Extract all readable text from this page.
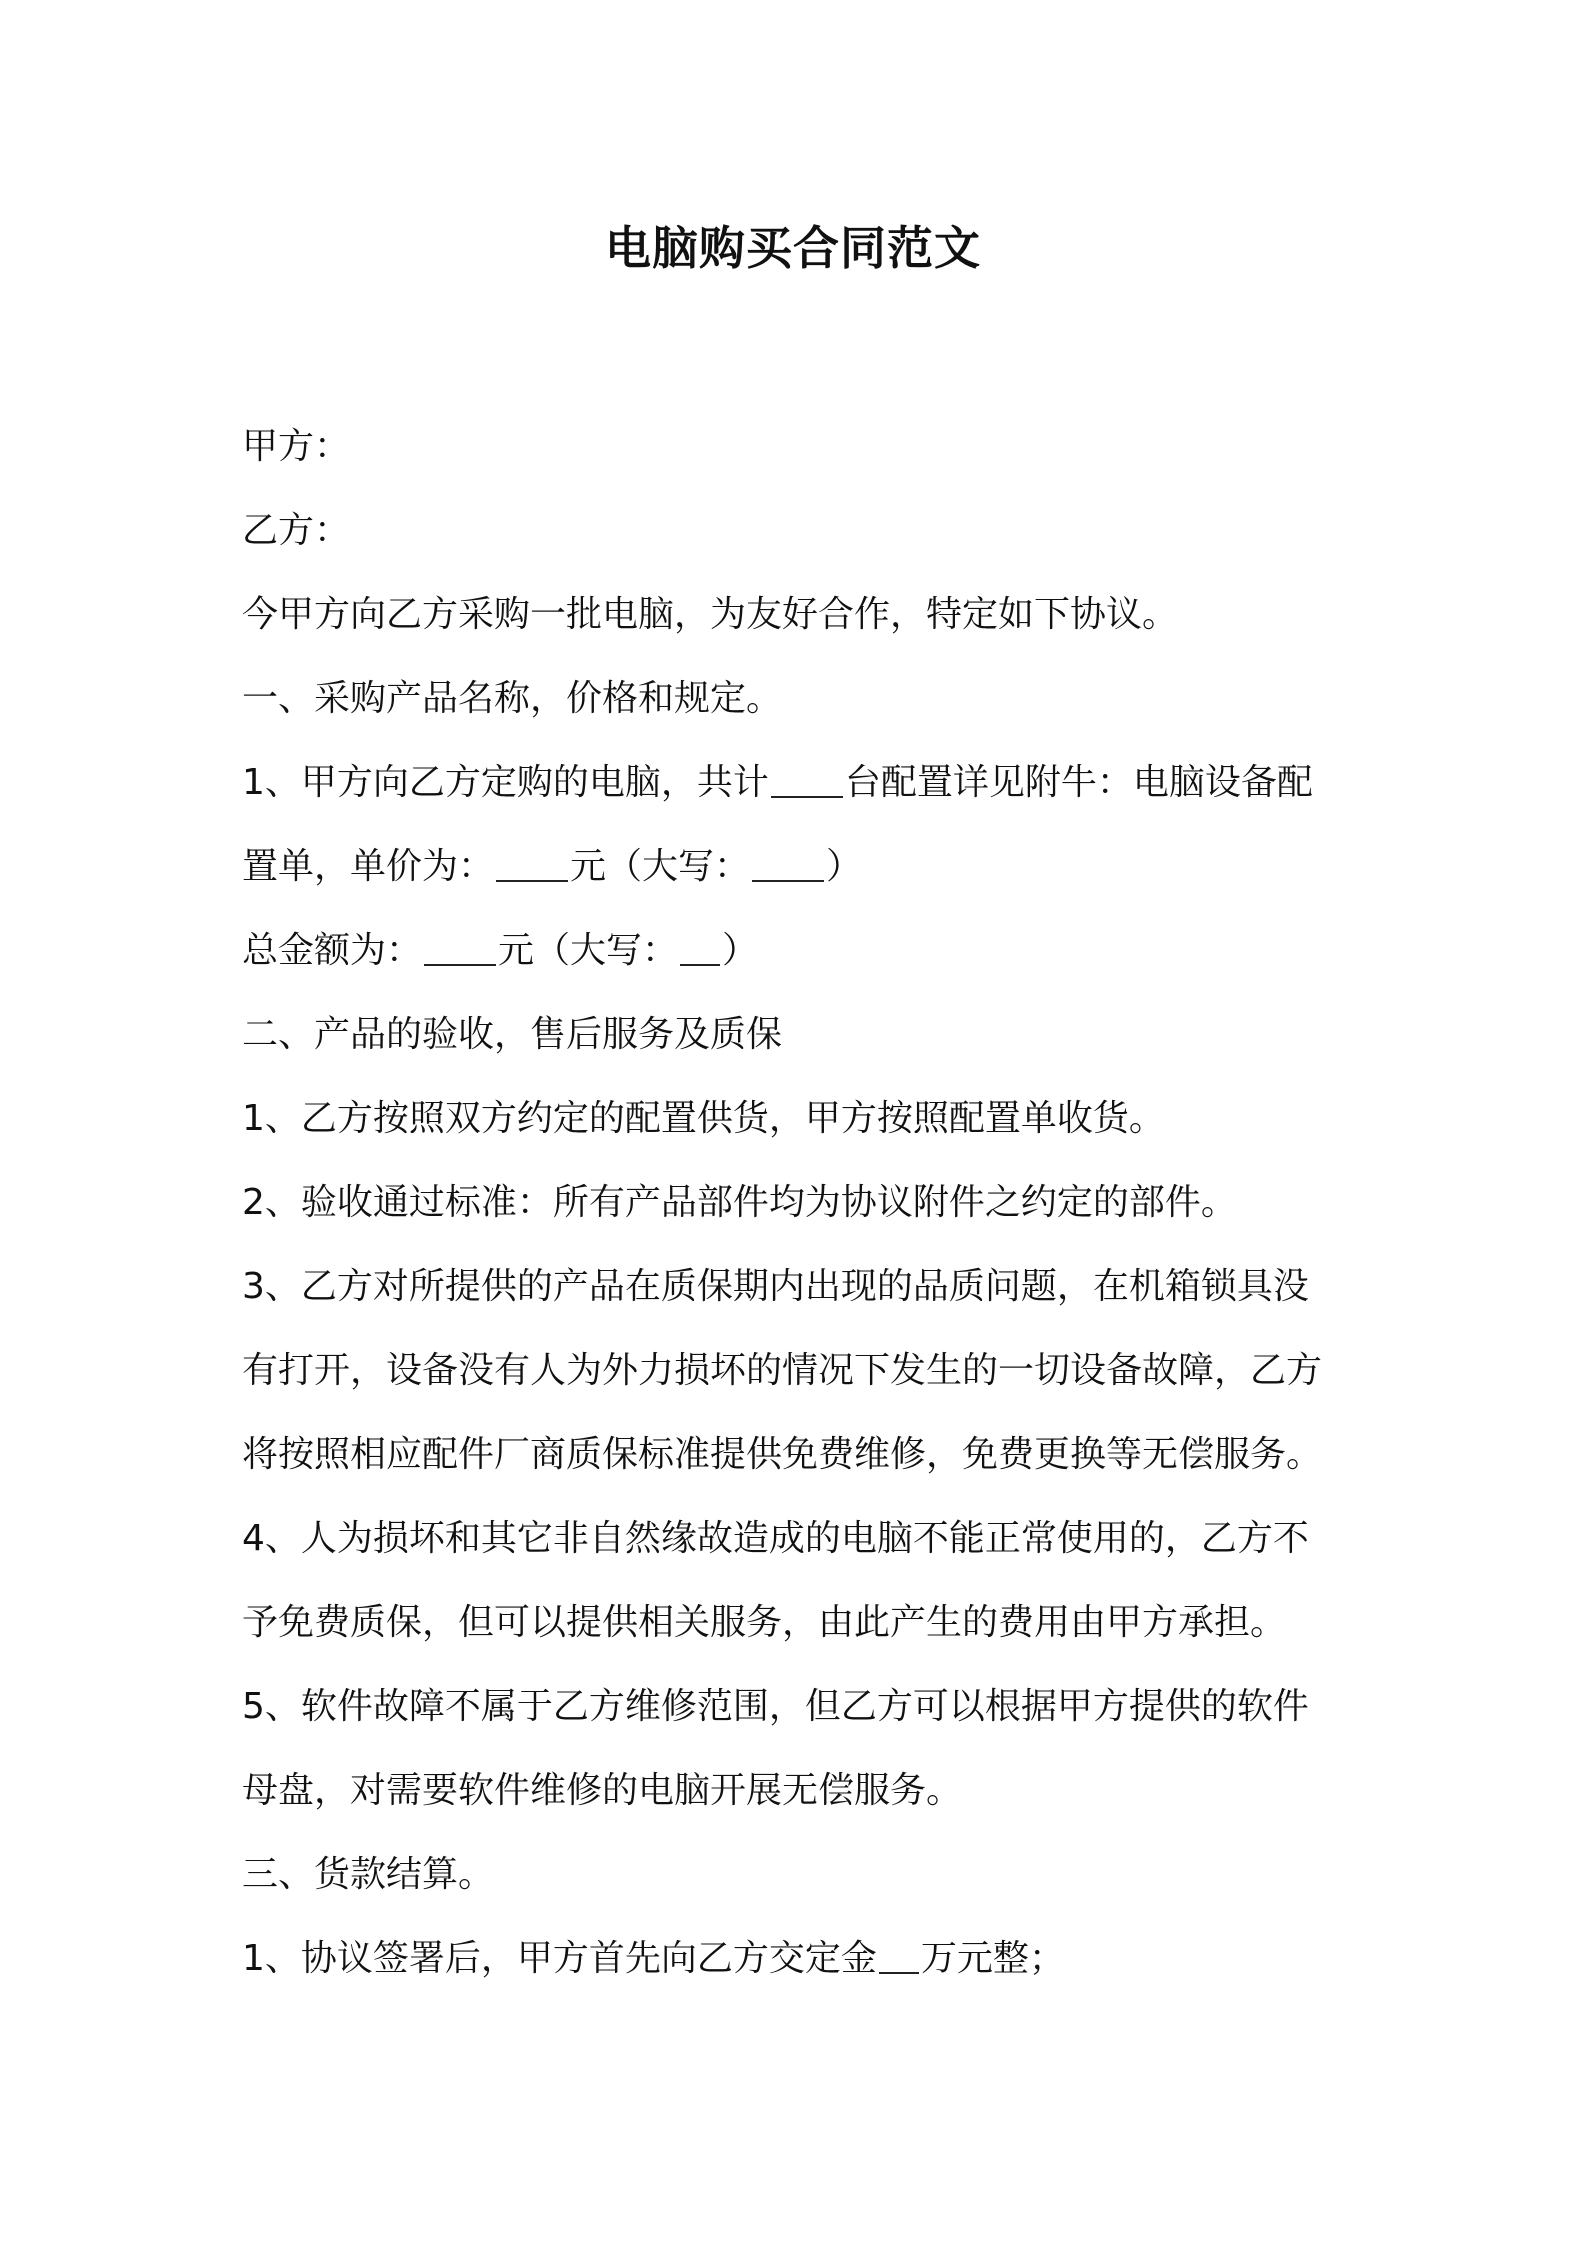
电脑购买合同范文
甲方：
乙方：
今甲方向乙方采购一批电脑，为友好合作，特定如下协议。
一、采购产品名称，价格和规定。
1、甲方向乙方定购的电脑，共计 台配置详见附牛：电脑设备配
置单，单价为： 元（大写： ）
总金额为： 元（大写： ）
二、产品的验收，售后服务及质保
1、乙方按照双方约定的配置供货，甲方按照配置单收货。
2、验收通过标准：所有产品部件均为协议附件之约定的部件。
3、乙方对所提供的产品在质保期内出现的品质问题，在机箱锁具没
有打开，设备没有人为外力损坏的情况下发生的一切设备故障，乙方
将按照相应配件厂商质保标准提供免费维修，免费更换等无偿服务。
4、人为损坏和其它非自然缘故造成的电脑不能正常使用的，乙方不
予免费质保，但可以提供相关服务，由此产生的费用由甲方承担。
5、软件故障不属于乙方维修范围，但乙方可以根据甲方提供的软件
母盘，对需要软件维修的电脑开展无偿服务。
三、货款结算。
1、协议签署后，甲方首先向乙方交定金 万元整；
